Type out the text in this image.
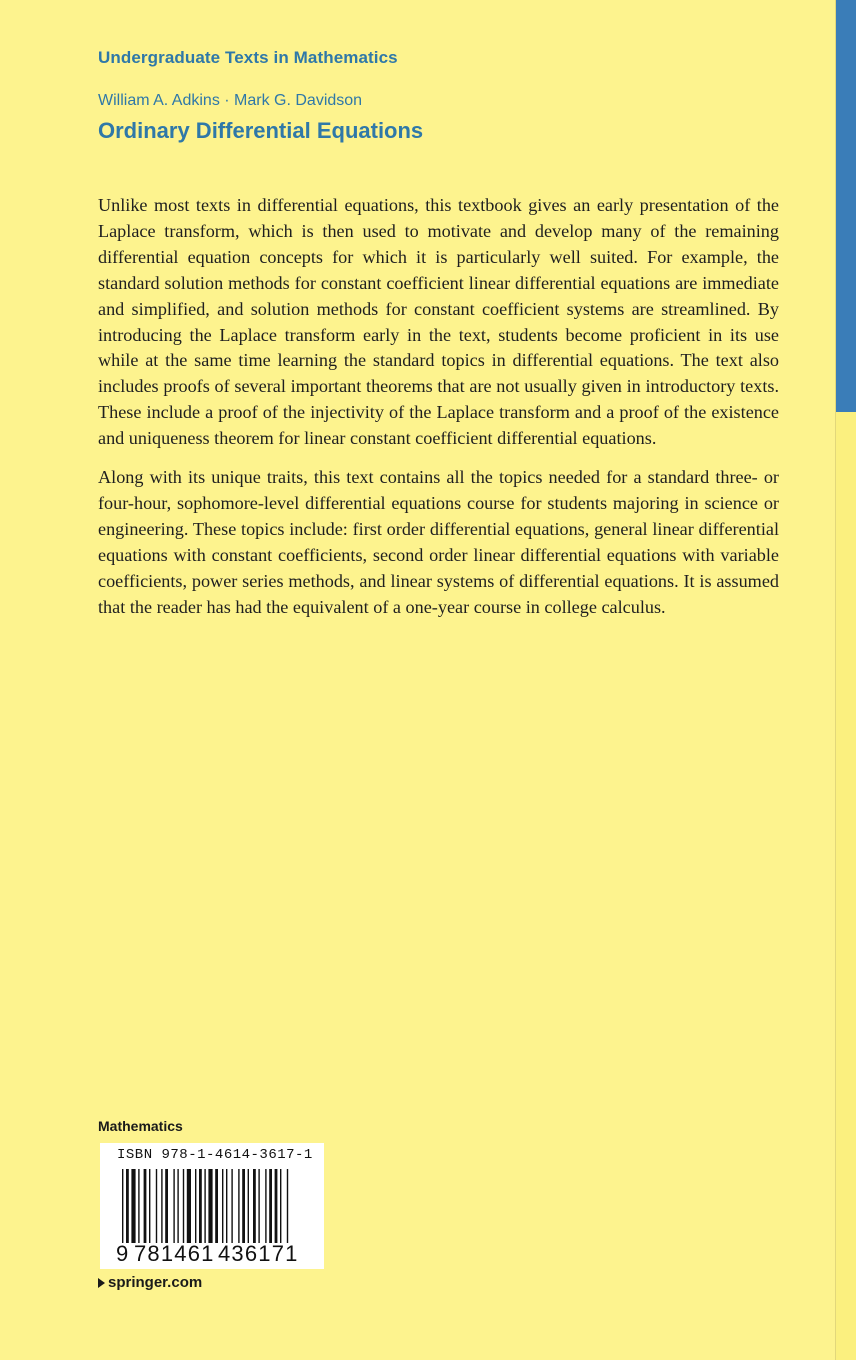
Undergraduate Texts in Mathematics
William A. Adkins · Mark G. Davidson
Ordinary Differential Equations

Unlike most texts in differential equations, this textbook gives an early presentation of the Laplace transform, which is then used to motivate and develop many of the remaining differential equation concepts for which it is particularly well suited. For example, the standard solution methods for constant coefficient linear differential equations are immediate and simplified, and solution methods for constant coefficient systems are streamlined. By introducing the Laplace transform early in the text, students become proficient in its use while at the same time learning the standard topics in differential equations. The text also includes proofs of several important theorems that are not usually given in introductory texts. These include a proof of the injectivity of the Laplace transform and a proof of the existence and uniqueness theorem for linear constant coefficient differential equations.

Along with its unique traits, this text contains all the topics needed for a standard three- or four-hour, sophomore-level differential equations course for students majoring in science or engineering. These topics include: first order differential equations, general linear differential equations with constant coefficients, second order linear differential equations with variable coefficients, power series methods, and linear systems of differential equations. It is assumed that the reader has had the equivalent of a one-year course in college calculus.

Mathematics
ISBN 978-1-4614-3617-1
9 781461 436171
springer.com
